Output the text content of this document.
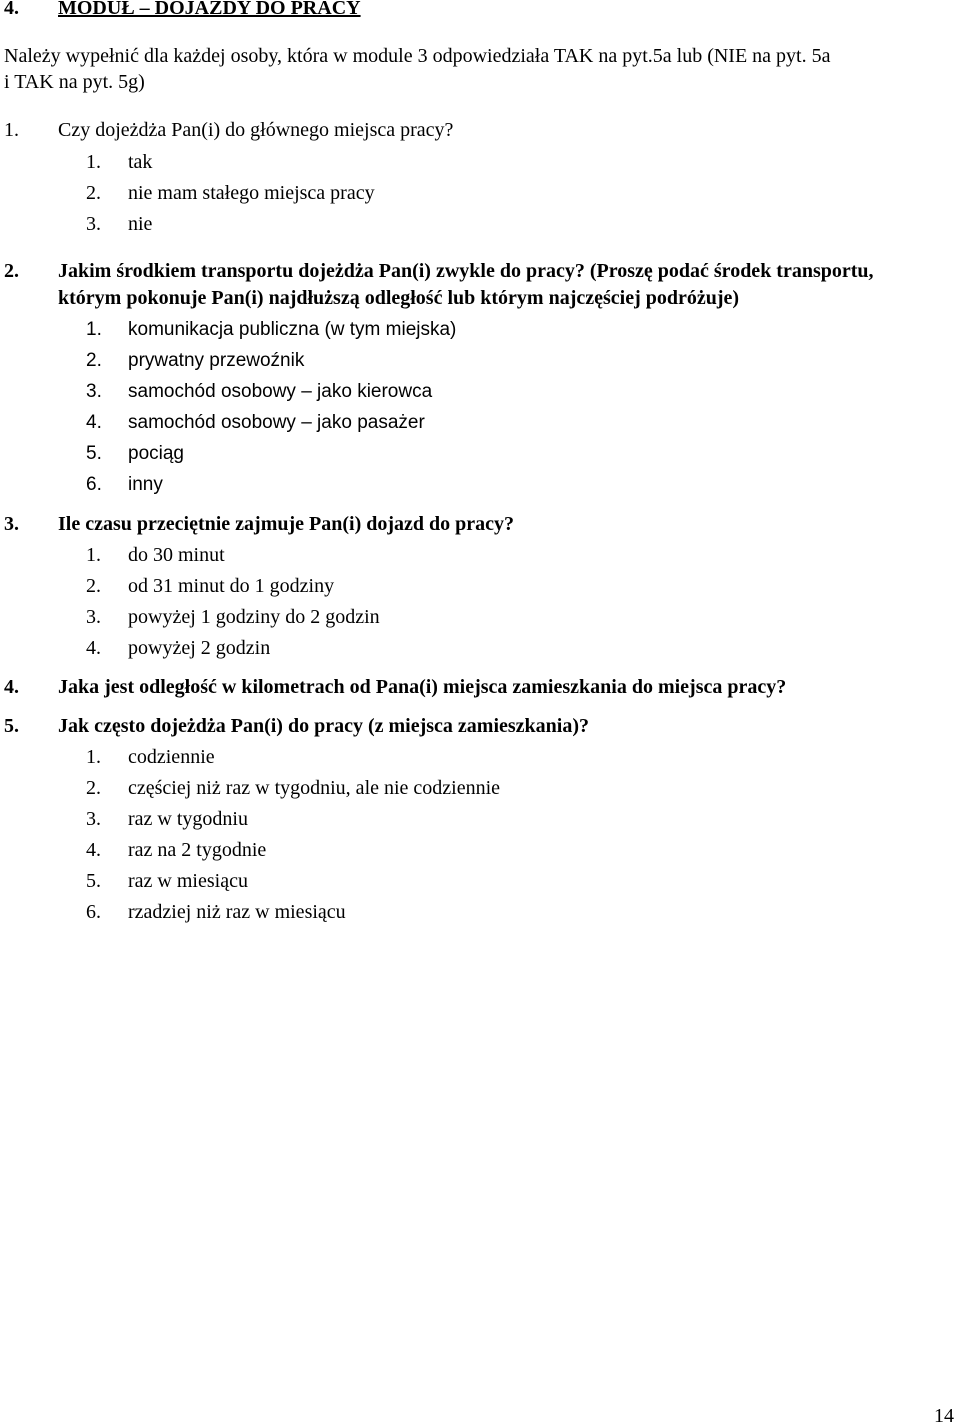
4. MODUŁ – DOJAZDY DO PRACY
Należy wypełnić dla każdej osoby, która w module 3 odpowiedziała TAK na pyt.5a lub (NIE na pyt. 5a
i TAK na pyt. 5g)
1. Czy dojeżdża Pan(i) do głównego miejsca pracy?
1. tak
2. nie mam stałego miejsca pracy
3. nie
2. Jakim środkiem transportu dojeżdża Pan(i) zwykle do pracy? (Proszę podać środek transportu,
którym pokonuje Pan(i) najdłuższą odległość lub którym najczęściej podróżuje)
1. komunikacja publiczna (w tym miejska)
2. prywatny przewoźnik
3. samochód osobowy – jako kierowca
4. samochód osobowy – jako pasażer
5. pociąg
6. inny
3. Ile czasu przeciętnie zajmuje Pan(i) dojazd do pracy?
1. do 30 minut
2. od 31 minut do 1 godziny
3. powyżej 1 godziny do 2 godzin
4. powyżej 2 godzin
4. Jaka jest odległość w kilometrach od Pana(i) miejsca zamieszkania do miejsca pracy?
5. Jak często dojeżdża Pan(i) do pracy (z miejsca zamieszkania)?
1. codziennie
2. częściej niż raz w tygodniu, ale nie codziennie
3. raz w tygodniu
4. raz na 2 tygodnie
5. raz w miesiącu
6. rzadziej niż raz w miesiącu
14
